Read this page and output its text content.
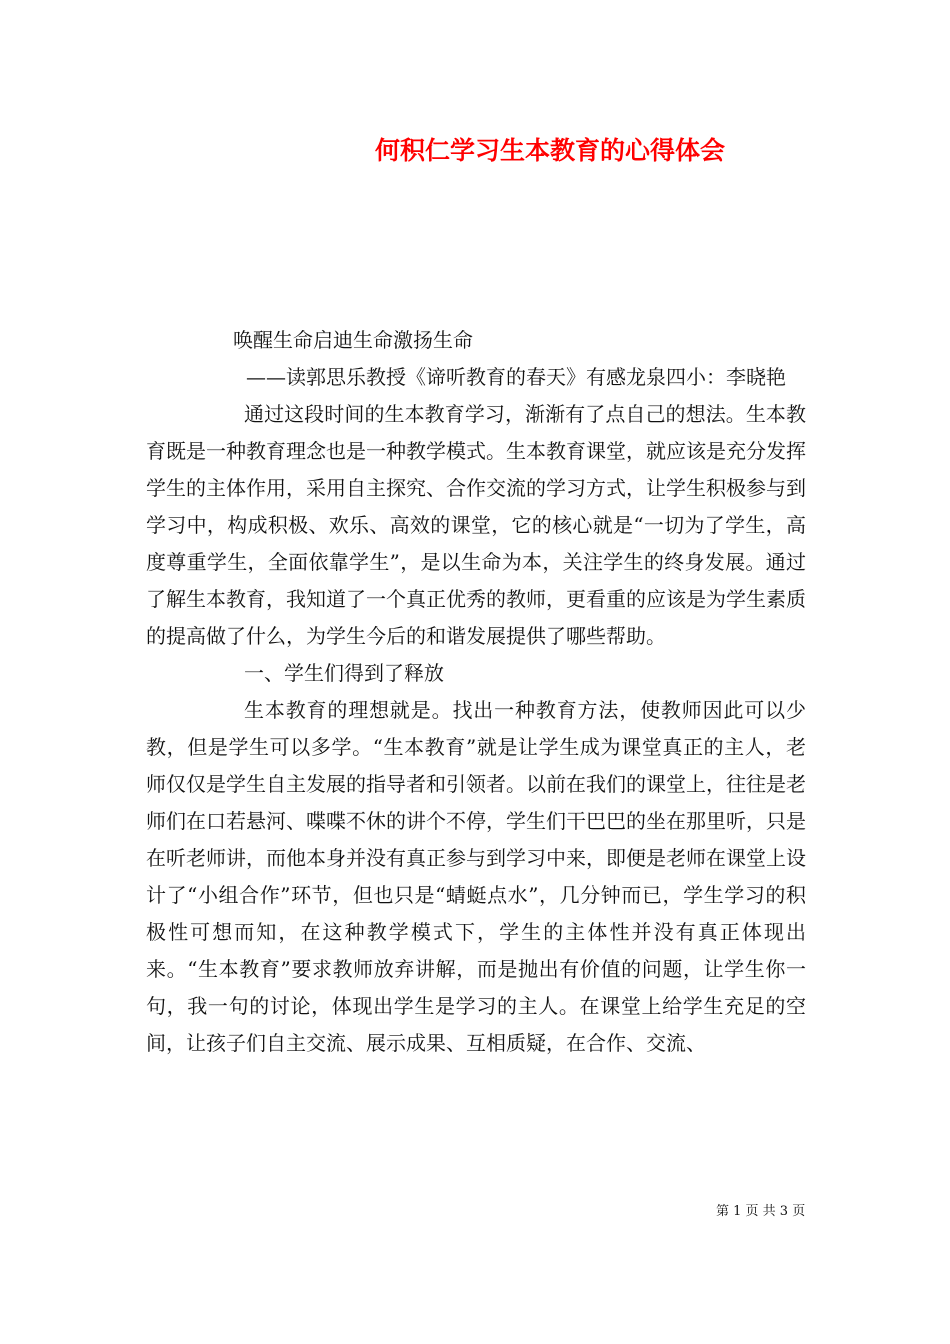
何积仁学习生本教育的心得体会

唤醒生命启迪生命激扬生命

——读郭思乐教授《谛听教育的春天》有感龙泉四小：李晓艳

通过这段时间的生本教育学习，渐渐有了点自己的想法。生本教育既是一种教育理念也是一种教学模式。生本教育课堂，就应该是充分发挥学生的主体作用，采用自主探究、合作交流的学习方式，让学生积极参与到学习中，构成积极、欢乐、高效的课堂，它的核心就是“一切为了学生，高度尊重学生，全面依靠学生”，是以生命为本，关注学生的终身发展。通过了解生本教育，我知道了一个真正优秀的教师，更看重的应该是为学生素质的提高做了什么，为学生今后的和谐发展提供了哪些帮助。

一、学生们得到了释放

生本教育的理想就是。找出一种教育方法，使教师因此可以少教，但是学生可以多学。“生本教育”就是让学生成为课堂真正的主人，老师仅仅是学生自主发展的指导者和引领者。以前在我们的课堂上，往往是老师们在口若悬河、喋喋不休的讲个不停，学生们干巴巴的坐在那里听，只是在听老师讲，而他本身并没有真正参与到学习中来，即便是老师在课堂上设计了“小组合作”环节，但也只是“蜻蜓点水”，几分钟而已，学生学习的积极性可想而知，在这种教学模式下，学生的主体性并没有真正体现出来。“生本教育”要求教师放弃讲解，而是抛出有价值的问题，让学生你一句，我一句的讨论，体现出学生是学习的主人。在课堂上给学生充足的空间，让孩子们自主交流、展示成果、互相质疑，在合作、交流、

第 1 页 共 3 页
